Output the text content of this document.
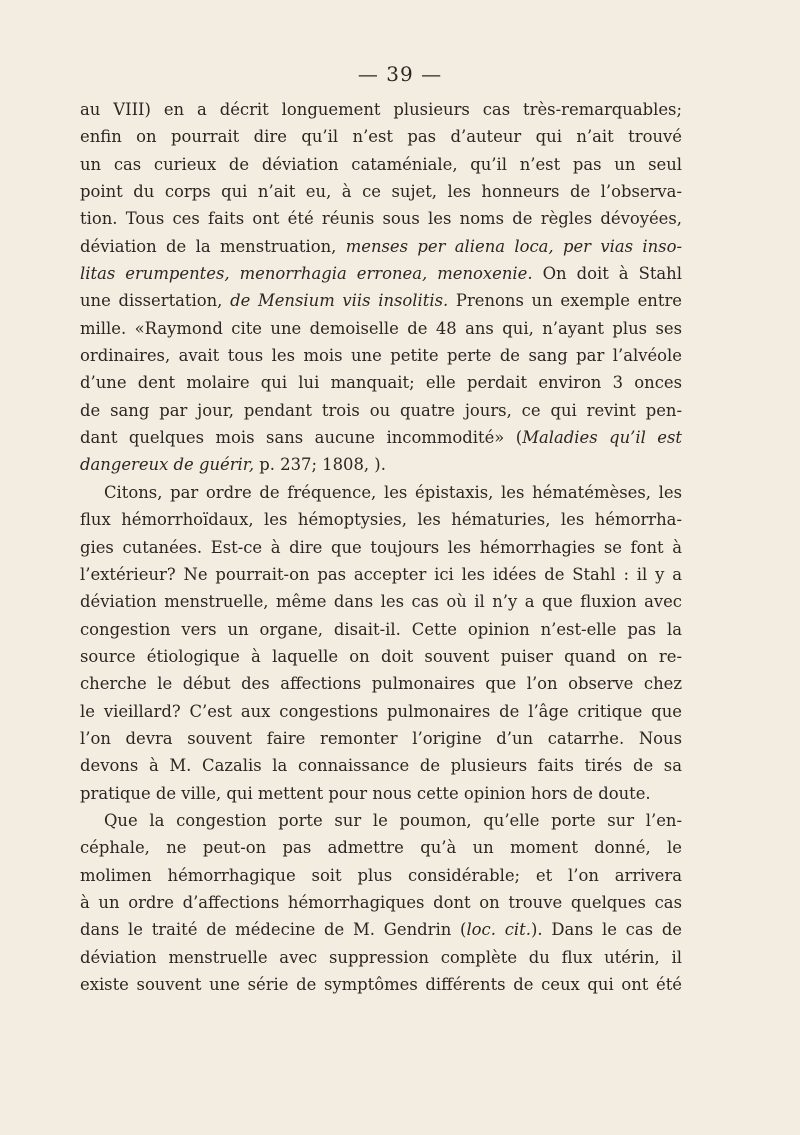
— 39 —
au VIII) en a décrit longuement plusieurs cas très-remarquables;
enfin on pourrait dire qu’il n’est pas d’auteur qui n’ait trouvé
un cas curieux de déviation cataméniale, qu’il n’est pas un seul
point du corps qui n’ait eu, à ce sujet, les honneurs de l’observa-
tion. Tous ces faits ont été réunis sous les noms de règles dévoyées,
déviation de la menstruation, menses per aliena loca, per vias inso-
litas erumpentes, menorrhagia erronea, menoxenie. On doit à Stahl
une dissertation, de Mensium viis insolitis. Prenons un exemple entre
mille. «Raymond cite une demoiselle de 48 ans qui, n’ayant plus ses
ordinaires, avait tous les mois une petite perte de sang par l’alvéole
d’une dent molaire qui lui manquait; elle perdait environ 3 onces
de sang par jour, pendant trois ou quatre jours, ce qui revint pen-
dant quelques mois sans aucune incommodité» (Maladies qu’il est
dangereux de guérir, p. 237; 1808, ).
Citons, par ordre de fréquence, les épistaxis, les hématémèses, les
flux hémorrhoïdaux, les hémoptysies, les hématuries, les hémorrha-
gies cutanées. Est-ce à dire que toujours les hémorrhagies se font à
l’extérieur? Ne pourrait-on pas accepter ici les idées de Stahl : il y a
déviation menstruelle, même dans les cas où il n’y a que fluxion avec
congestion vers un organe, disait-il. Cette opinion n’est-elle pas la
source étiologique à laquelle on doit souvent puiser quand on re-
cherche le début des affections pulmonaires que l’on observe chez
le vieillard? C’est aux congestions pulmonaires de l’âge critique que
l’on devra souvent faire remonter l’origine d’un catarrhe. Nous
devons à M. Cazalis la connaissance de plusieurs faits tirés de sa
pratique de ville, qui mettent pour nous cette opinion hors de doute.
Que la congestion porte sur le poumon, qu’elle porte sur l’en-
céphale, ne peut-on pas admettre qu’à un moment donné, le
molimen hémorrhagique soit plus considérable; et l’on arrivera
à un ordre d’affections hémorrhagiques dont on trouve quelques cas
dans le traité de médecine de M. Gendrin (loc. cit.). Dans le cas de
déviation menstruelle avec suppression complète du flux utérin, il
existe souvent une série de symptômes différents de ceux qui ont été
